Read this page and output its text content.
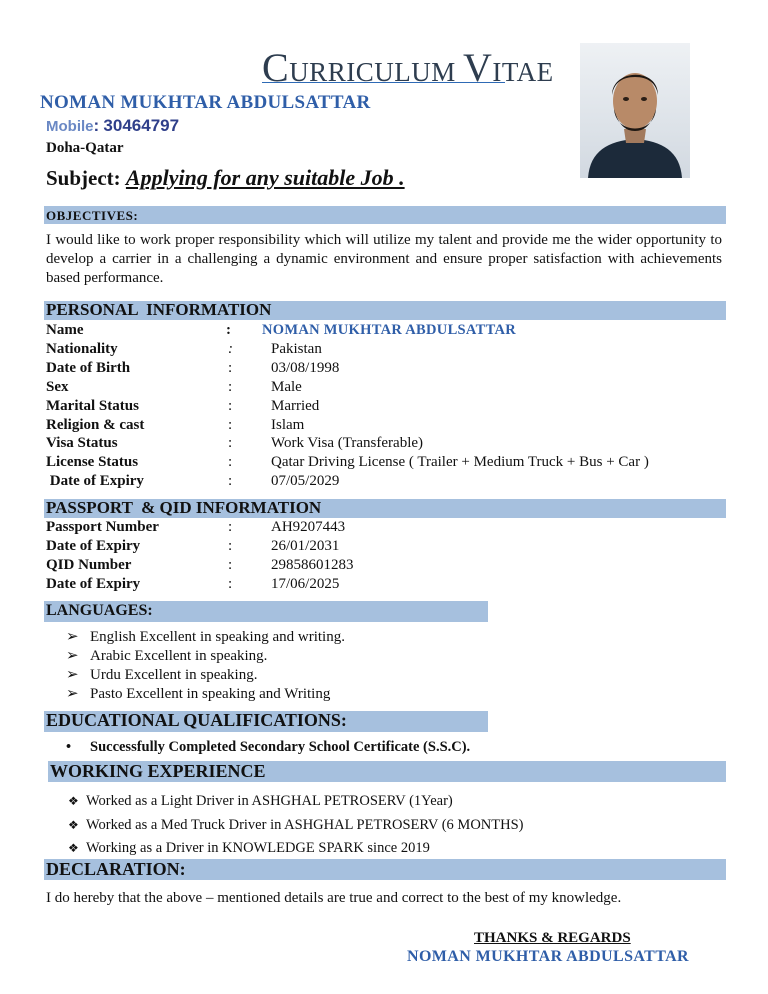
CURRICULUM VITAE
NOMAN MUKHTAR ABDULSATTAR
Mobile: 30464797
Doha-Qatar
Subject: Applying for any suitable Job .
OBJECTIVES:
I would like to work proper responsibility which will utilize my talent and provide me the wider opportunity to develop a carrier in a challenging a dynamic environment and ensure proper satisfaction with achievements based performance.
PERSONAL  INFORMATION
Name	: NOMAN MUKHTAR ABDULSATTAR
Nationality	:	Pakistan
Date of Birth	:	03/08/1998
Sex	:	Male
Marital Status	:	Married
Religion & cast	:	Islam
Visa Status	:	Work Visa (Transferable)
License Status	:	Qatar Driving License ( Trailer + Medium Truck + Bus + Car )
Date of Expiry	:	07/05/2029
PASSPORT  & QID INFORMATION
Passport Number	:	AH9207443
Date of Expiry	:	26/01/2031
QID Number	:	29858601283
Date of Expiry	:	17/06/2025
LANGUAGES:
➢ English Excellent in speaking and writing.
➢ Arabic Excellent in speaking.
➢ Urdu Excellent in speaking.
➢ Pasto Excellent in speaking and Writing
EDUCATIONAL QUALIFICATIONS:
• Successfully Completed Secondary School Certificate (S.S.C).
WORKING EXPERIENCE
❖ Worked as a Light Driver in ASHGHAL PETROSERV (1Year)
❖ Worked as a Med Truck Driver in ASHGHAL PETROSERV (6 MONTHS)
❖ Working as a Driver in KNOWLEDGE SPARK since 2019
DECLARATION:
I do hereby that the above – mentioned details are true and correct to the best of my knowledge.
THANKS & REGARDS
NOMAN MUKHTAR ABDULSATTAR
